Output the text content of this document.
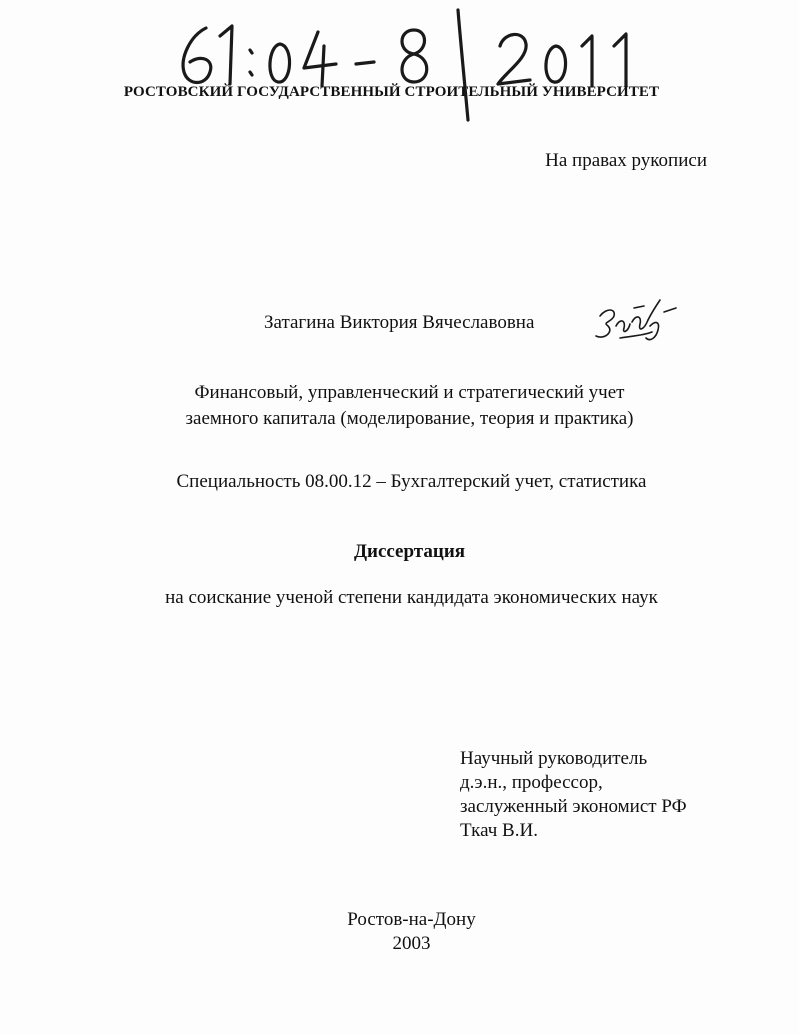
РОСТОВСКИЙ ГОСУДАРСТВЕННЫЙ СТРОИТЕЛЬНЫЙ УНИВЕРСИТЕТ
На правах рукописи
Затагина Виктория Вячеславовна
Финансовый, управленческий и стратегический учет
заемного капитала (моделирование, теория и практика)
Специальность 08.00.12 – Бухгалтерский учет, статистика
Диссертация
на соискание ученой степени кандидата экономических наук
Научный руководитель
д.э.н., профессор,
заслуженный экономист РФ
Ткач В.И.
Ростов-на-Дону
2003
